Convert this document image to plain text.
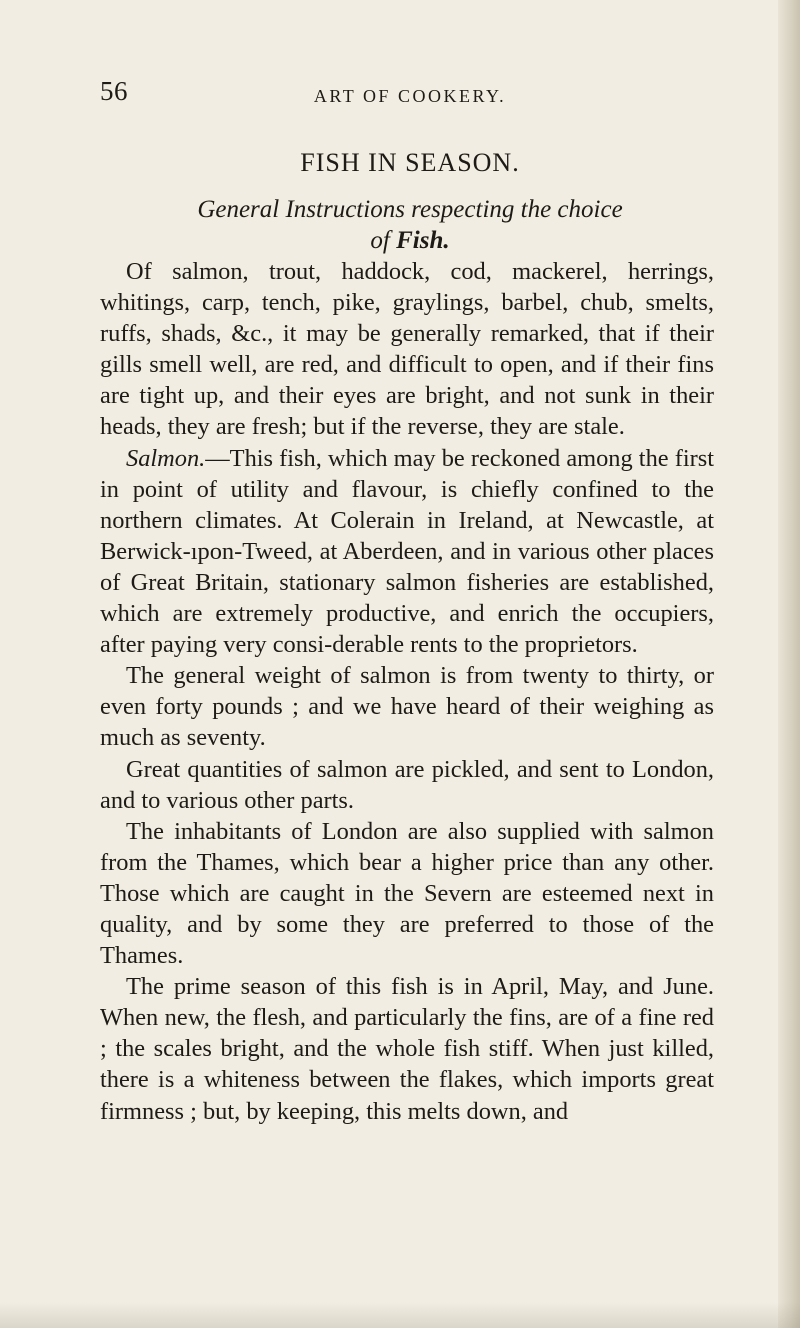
56	ART OF COOKERY.
FISH IN SEASON.
General Instructions respecting the choice
of Fish.

Of salmon, trout, haddock, cod, mackerel, herrings, whitings, carp, tench, pike, graylings, barbel, chub, smelts, ruffs, shads, &c., it may be generally remarked, that if their gills smell well, are red, and difficult to open, and if their fins are tight up, and their eyes are bright, and not sunk in their heads, they are fresh; but if the reverse, they are stale.

Salmon.—This fish, which may be reckoned among the first in point of utility and flavour, is chiefly confined to the northern climates. At Colerain in Ireland, at Newcastle, at Berwick-ıpon-Tweed, at Aberdeen, and in various other places of Great Britain, stationary salmon fisheries are established, which are extremely productive, and enrich the occupiers, after paying very consi-derable rents to the proprietors.

The general weight of salmon is from twenty to thirty, or even forty pounds ; and we have heard of their weighing as much as seventy.

Great quantities of salmon are pickled, and sent to London, and to various other parts.

The inhabitants of London are also supplied with salmon from the Thames, which bear a higher price than any other. Those which are caught in the Severn are esteemed next in quality, and by some they are preferred to those of the Thames.

The prime season of this fish is in April, May, and June. When new, the flesh, and particularly the fins, are of a fine red ; the scales bright, and the whole fish stiff. When just killed, there is a whiteness between the flakes, which imports great firmness ; but, by keeping, this melts down, and
